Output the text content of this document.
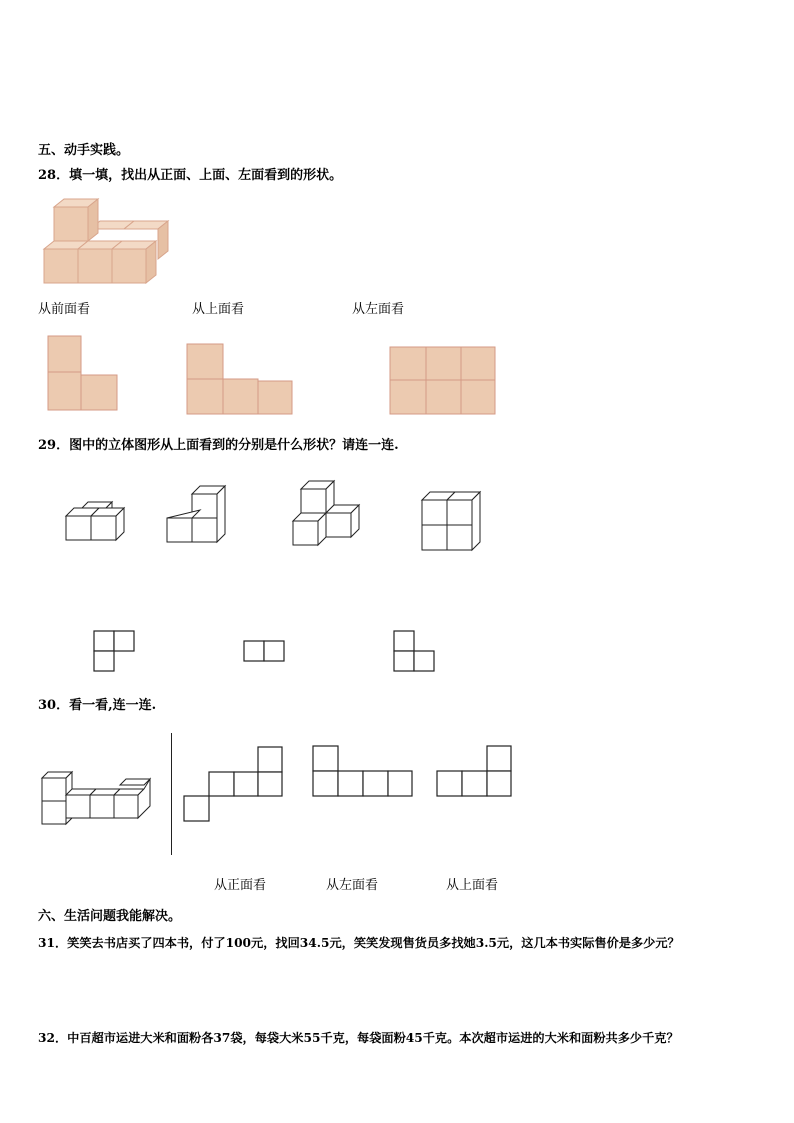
五、动手实践。
28．填一填，找出从正面、上面、左面看到的形状。
从前面看	从上面看	从左面看
29．图中的立体图形从上面看到的分别是什么形状？请连一连.
30．看一看,连一连.
从正面看	从左面看	从上面看
六、生活问题我能解决。
31．笑笑去书店买了四本书，付了100元，找回34.5元，笑笑发现售货员多找她3.5元，这几本书实际售价是多少元？
32．中百超市运进大米和面粉各37袋，每袋大米55千克，每袋面粉45千克。本次超市运进的大米和面粉共多少千克？
